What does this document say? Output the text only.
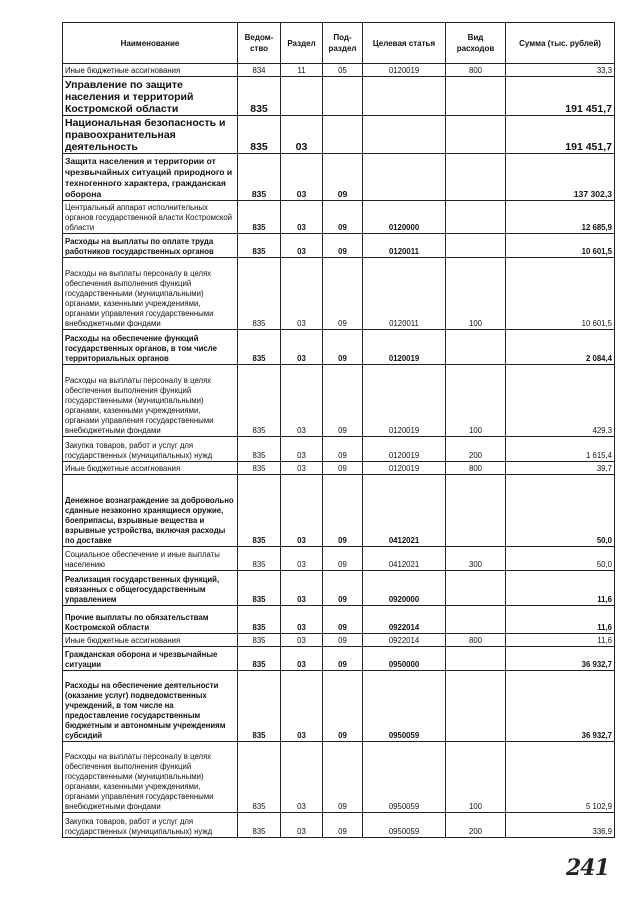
Наименование	Ведом-ство	Раздел	Под-раздел	Целевая статья	Вид расходов	Сумма (тыс. рублей)
Иные бюджетные ассигнования	834	11	05	0120019	800	33,3
Управление по защите населения и территорий Костромской области	835					191 451,7
Национальная безопасность и правоохранительная деятельность	835	03				191 451,7
Защита населения и территории от чрезвычайных ситуаций природного и техногенного характера, гражданская оборона	835	03	09			137 302,3
Центральный аппарат исполнительных органов государственной власти Костромской области	835	03	09	0120000		12 685,9
Расходы на выплаты по оплате труда работников государственных органов	835	03	09	0120011		10 601,5
Расходы на выплаты персоналу в целях обеспечения выполнения функций государственными (муниципальными) органами, казенными учреждениями, органами управления государственными внебюджетными фондами	835	03	09	0120011	100	10 601,5
Расходы на обеспечение функций государственных органов, в том числе территориальных органов	835	03	09	0120019		2 084,4
Расходы на выплаты персоналу в целях обеспечения выполнения функций государственными (муниципальными) органами, казенными учреждениями, органами управления государственными внебюджетными фондами	835	03	09	0120019	100	429,3
Закупка товаров, работ и услуг для государственных (муниципальных) нужд	835	03	09	0120019	200	1 615,4
Иные бюджетные ассигнования	835	03	09	0120019	800	39,7
Денежное вознаграждение за добровольно сданные незаконно хранящиеся оружие, боеприпасы, взрывные вещества и взрывные устройства, включая расходы по доставке	835	03	09	0412021		50,0
Социальное обеспечение и иные выплаты населению	835	03	09	0412021	300	50,0
Реализация государственных функций, связанных с общегосударственным управлением	835	03	09	0920000		11,6
Прочие выплаты по обязательствам Костромской области	835	03	09	0922014		11,6
Иные бюджетные ассигнования	835	03	09	0922014	800	11,6
Гражданская оборона и чрезвычайные ситуации	835	03	09	0950000		36 932,7
Расходы на обеспечение деятельности (оказание услуг) подведомственных учреждений, в том числе на предоставление государственным бюджетным и автономным учреждениям субсидий	835	03	09	0950059		36 932,7
Расходы на выплаты персоналу в целях обеспечения выполнения функций государственными (муниципальными) органами, казенными учреждениями, органами управления государственными внебюджетными фондами	835	03	09	0950059	100	5 102,9
Закупка товаров, работ и услуг для государственных (муниципальных) нужд	835	03	09	0950059	200	336,9
241
